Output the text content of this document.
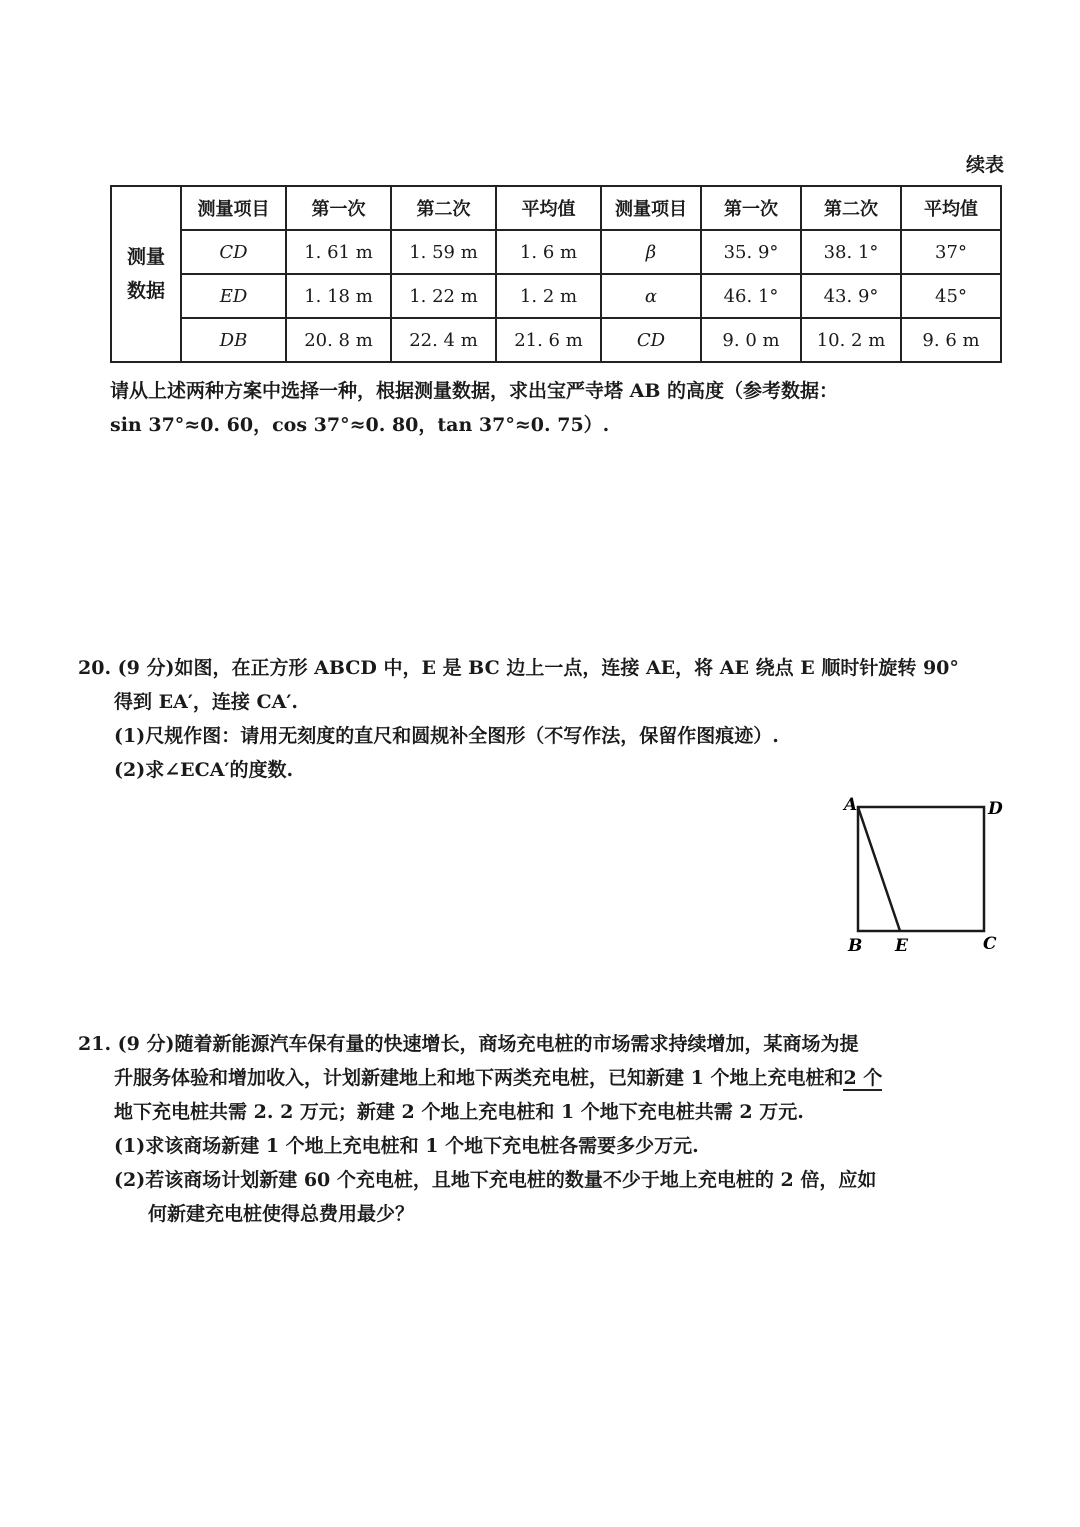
续表
测量
数据	测量项目	第一次	第二次	平均值	测量项目	第一次	第二次	平均值
	CD	1. 61 m	1. 59 m	1. 6 m	β	35. 9°	38. 1°	37°
	ED	1. 18 m	1. 22 m	1. 2 m	α	46. 1°	43. 9°	45°
	DB	20. 8 m	22. 4 m	21. 6 m	CD	9. 0 m	10. 2 m	9. 6 m
请从上述两种方案中选择一种，根据测量数据，求出宝严寺塔 AB 的高度（参考数据：
sin 37°≈0. 60，cos 37°≈0. 80，tan 37°≈0. 75）.
20. (9 分)如图，在正方形 ABCD 中，E 是 BC 边上一点，连接 AE，将 AE 绕点 E 顺时针旋转 90°
得到 EA′，连接 CA′.
(1)尺规作图：请用无刻度的直尺和圆规补全图形（不写作法，保留作图痕迹）.
(2)求∠ECA′的度数.
A	D
B E	C
21. (9 分)随着新能源汽车保有量的快速增长，商场充电桩的市场需求持续增加，某商场为提
升服务体验和增加收入，计划新建地上和地下两类充电桩，已知新建 1 个地上充电桩和2 个
地下充电桩共需 2. 2 万元；新建 2 个地上充电桩和 1 个地下充电桩共需 2 万元.
(1)求该商场新建 1 个地上充电桩和 1 个地下充电桩各需要多少万元.
(2)若该商场计划新建 60 个充电桩，且地下充电桩的数量不少于地上充电桩的 2 倍，应如
何新建充电桩使得总费用最少？
